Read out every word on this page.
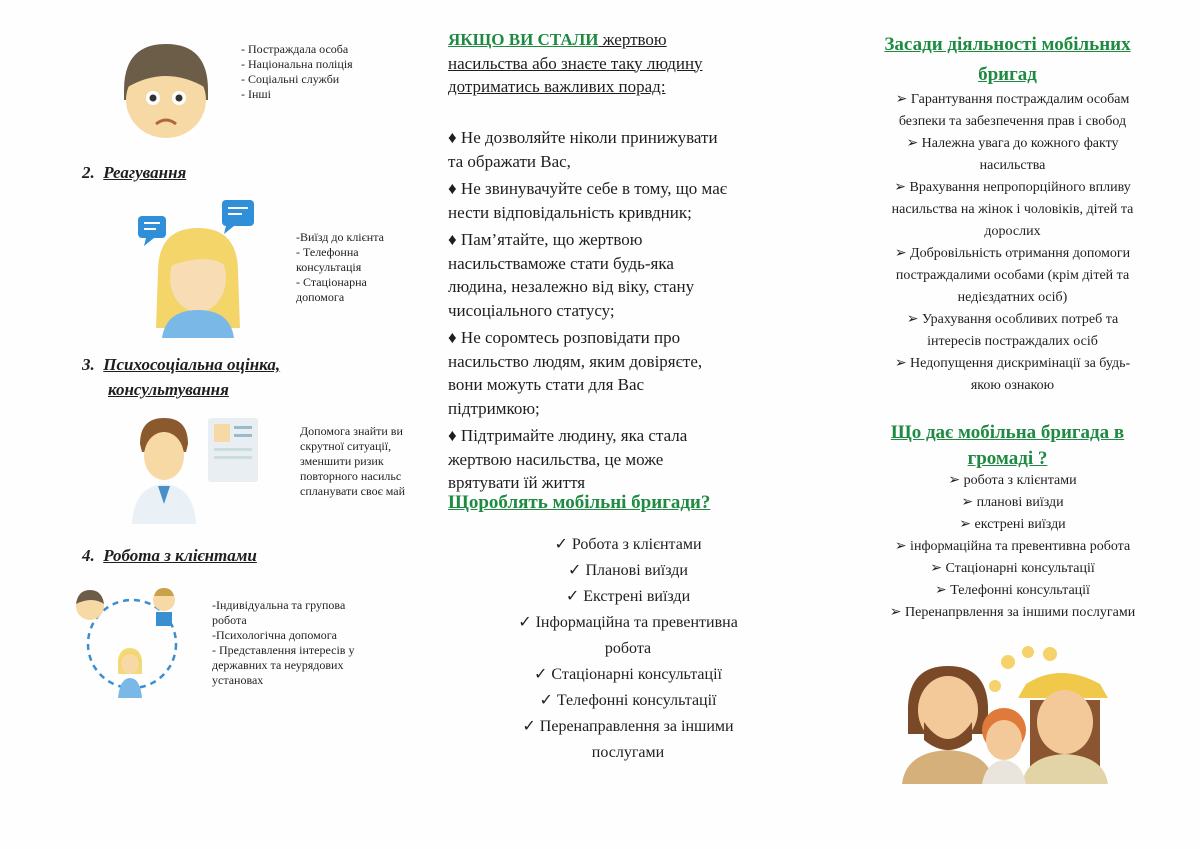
- Постраждала особа
- Національна поліція
- Соціальні служби
- Інші
2. Реагування
-Виїзд до клієнта
- Телефонна консультація
- Стаціонарна допомога
3. Психосоціальна оцінка,
консультування
Допомога знайти ви
скрутної ситуації,
зменшити ризик
повторного насильс
спланувати своє май
4. Робота з клієнтами
-Індивідуальна та групова
робота
-Психологічна допомога
- Представлення інтересів у
державних та неурядових
установах
ЯКЩО ВИ СТАЛИ жертвою
насильства або знаєте таку людину
дотриматись важливих порад:
♦ Не дозволяйте ніколи принижувати
та ображати Вас,
♦ Не звинувачуйте себе в тому, що має
нести відповідальність кривдник;
♦ Пам’ятайте, що жертвою
насильстваможе стати будь-яка
людина, незалежно від віку, стану
чисоціального статусу;
♦ Не соромтесь розповідати про
насильство людям, яким довіряєте,
вони можуть стати для Вас
підтримкою;
♦ Підтримайте людину, яка стала
жертвою насильства, це може
врятувати їй життя
Щороблять мобільні бригади?
✓ Робота з клієнтами
✓ Планові виїзди
✓ Екстрені виїзди
✓ Інформаційна та превентивна
робота
✓ Стаціонарні консультації
✓ Телефонні консультації
✓ Перенаправлення за іншими
послугами
Засади діяльності мобільних
бригад
➢ Гарантування постраждалим особам
безпеки та забезпечення прав і свобод
➢ Належна увага до кожного факту
насильства
➢ Врахування непропорційного впливу
насильства на жінок і чоловіків, дітей та
дорослих
➢ Добровільність отримання допомоги
постраждалими особами (крім дітей та
недієздатних осіб)
➢ Урахування особливих потреб та
інтересів постраждалих осіб
➢ Недопущення дискримінації за будь-
якою ознакою
Що дає мобільна бригада в
громаді ?
➢ робота з клієнтами
➢ планові виїзди
➢ екстрені виїзди
➢ інформаційна та превентивна робота
➢ Стаціонарні консультації
➢ Телефонні консультації
➢ Перенапрвлення за іншими послугами
